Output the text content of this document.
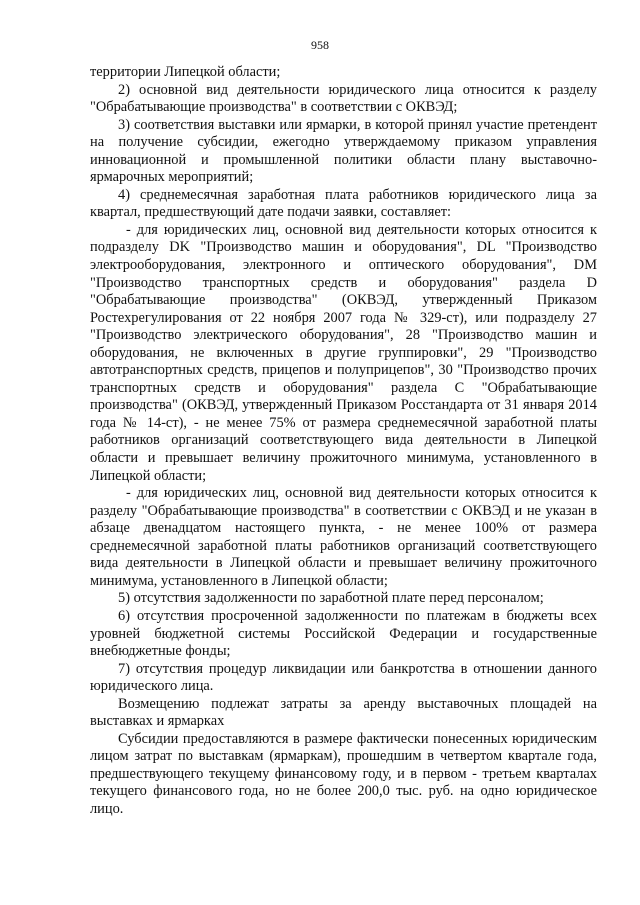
958

территории Липецкой области;

2) основной вид деятельности юридического лица относится к разделу "Обрабатывающие производства" в соответствии с ОКВЭД;

3) соответствия выставки или ярмарки, в которой принял участие претендент на получение субсидии, ежегодно утверждаемому приказом управления инновационной и промышленной политики области плану выставочно-ярмарочных мероприятий;

4) среднемесячная заработная плата работников юридического лица за квартал, предшествующий дате подачи заявки, составляет:

- для юридических лиц, основной вид деятельности которых относится к подразделу DK "Производство машин и оборудования", DL "Производство электрооборудования, электронного и оптического оборудования", DM "Производство транспортных средств и оборудования" раздела D "Обрабатывающие производства" (ОКВЭД, утвержденный Приказом Ростехрегулирования от 22 ноября 2007 года № 329-ст), или подразделу 27 "Производство электрического оборудования", 28 "Производство машин и оборудования, не включенных в другие группировки", 29 "Производство автотранспортных средств, прицепов и полуприцепов", 30 "Производство прочих транспортных средств и оборудования" раздела C "Обрабатывающие производства" (ОКВЭД, утвержденный Приказом Росстандарта от 31 января 2014 года № 14-ст), - не менее 75% от размера среднемесячной заработной платы работников организаций соответствующего вида деятельности в Липецкой области и превышает величину прожиточного минимума, установленного в Липецкой области;

- для юридических лиц, основной вид деятельности которых относится к разделу "Обрабатывающие производства" в соответствии с ОКВЭД и не указан в абзаце двенадцатом настоящего пункта, - не менее 100% от размера среднемесячной заработной платы работников организаций соответствующего вида деятельности в Липецкой области и превышает величину прожиточного минимума, установленного в Липецкой области;

5) отсутствия задолженности по заработной плате перед персоналом;

6) отсутствия просроченной задолженности по платежам в бюджеты всех уровней бюджетной системы Российской Федерации и государственные внебюджетные фонды;

7) отсутствия процедур ликвидации или банкротства в отношении данного юридического лица.

Возмещению подлежат затраты за аренду выставочных площадей на выставках и ярмарках

Субсидии предоставляются в размере фактически понесенных юридическим лицом затрат по выставкам (ярмаркам), прошедшим в четвертом квартале года, предшествующего текущему финансовому году, и в первом - третьем кварталах текущего финансового года, но не более 200,0 тыс. руб. на одно юридическое лицо.
